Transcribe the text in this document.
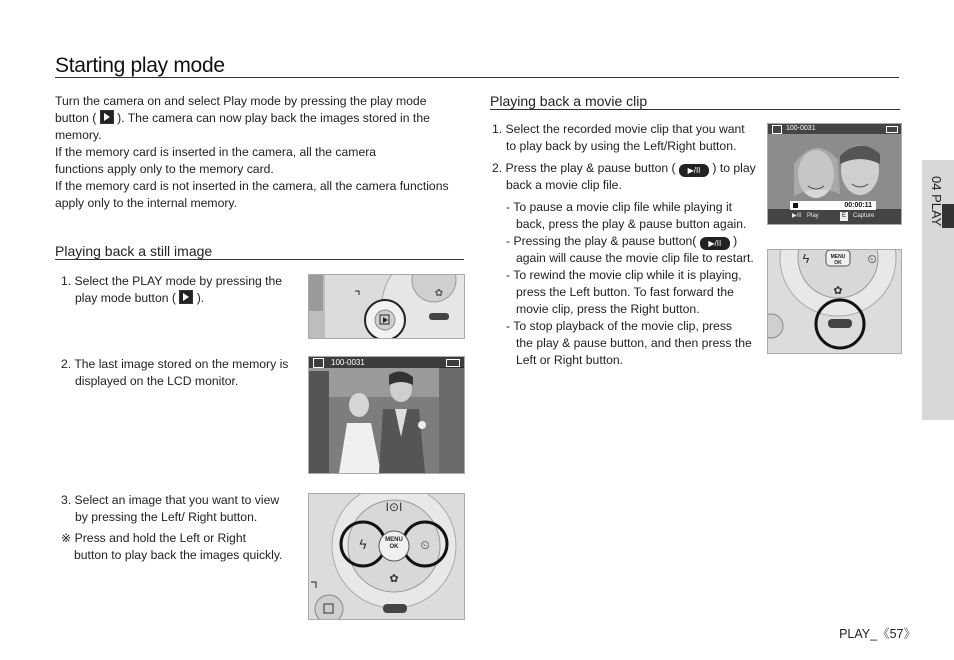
Starting play mode
04 PLAY
Turn the camera on and select Play mode by pressing the play mode
button ( ). The camera can now play back the images stored in the
memory.
If the memory card is inserted in the camera, all the camera
functions apply only to the memory card.
If the memory card is not inserted in the camera, all the camera functions
apply only to the internal memory.
Playing back a still image
1. Select the PLAY mode by pressing the
play mode button ( ).	✿
2. The last image stored on the memory is
displayed on the LCD monitor.
100-0031
3. Select an image that you want to view
by pressing the Left/ Right button.
※ Press and hold the Left or Right
button to play back the images quickly.
I⊙I
ϟ	⏲
✿
MENU
OK
Playing back a movie clip
1. Select the recorded movie clip that you want
to play back by using the Left/Right button.
2. Press the play & pause button ( ▶/II ) to play
back a movie clip file.
- To pause a movie clip file while playing it
back, press the play & pause button again.
- Pressing the play & pause button( ▶/II )
again will cause the movie clip file to restart.
- To rewind the movie clip while it is playing,
press the Left button. To fast forward the
movie clip, press the Right button.
- To stop playback of the movie clip, press
the play & pause button, and then press the
Left or Right button.
100-0031
00:00:11
▶/II Play	E	Capture
ϟ	⏲
✿
MENU
OK
PLAY_《57》
